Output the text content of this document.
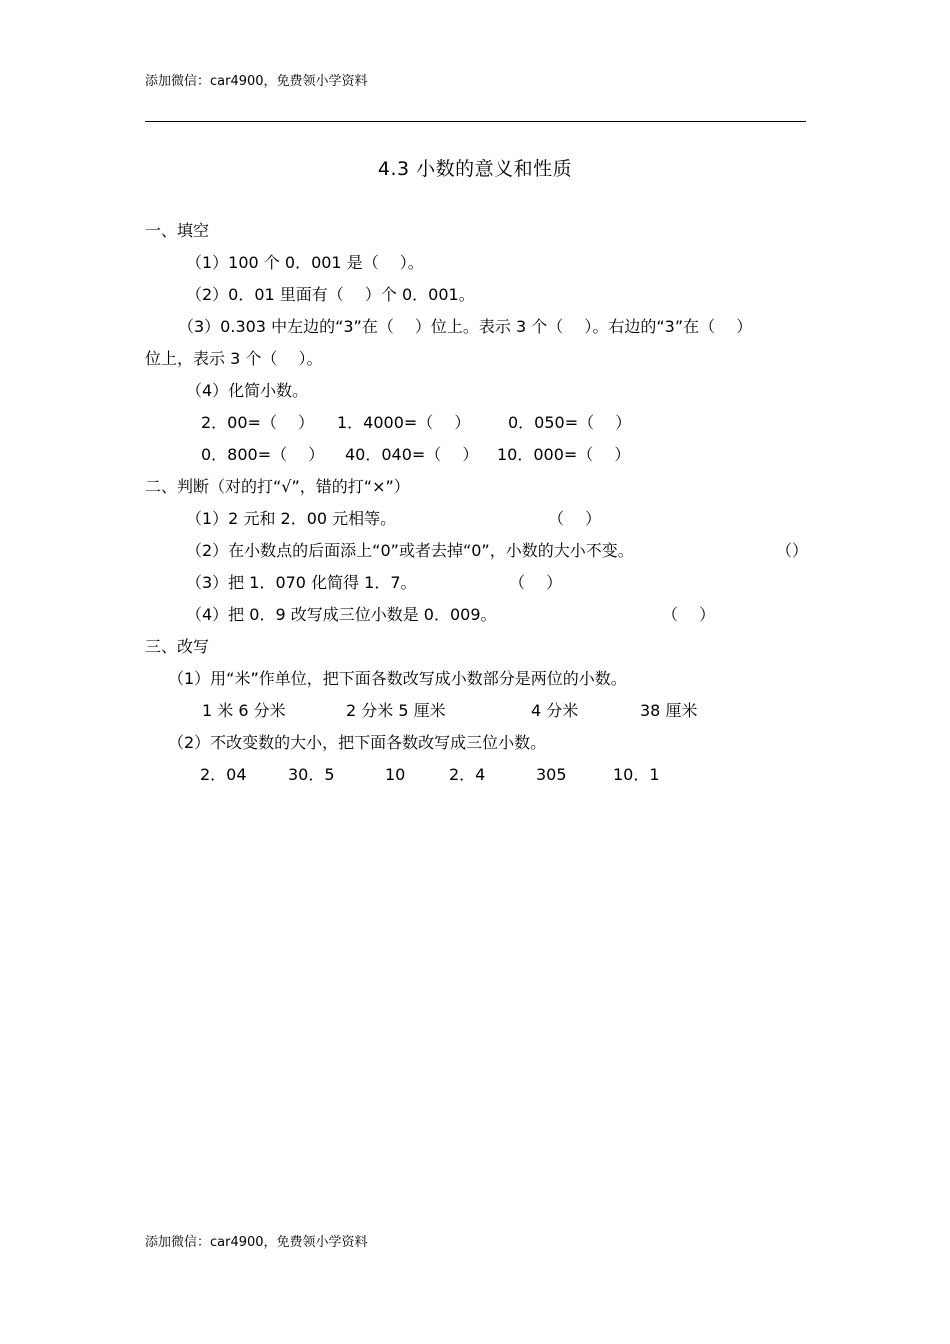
添加微信：car4900，免费领小学资料
4.3 小数的意义和性质
一、填空
（1）100 个 0．001 是（　 ）。
（2）0．01 里面有（　 ）个 0．001。
（3）0.303 中左边的“3”在（　 ）位上。表示 3 个（　 ）。右边的“3”在（　 ）
位上，表示 3 个（　 ）。
（4）化简小数。
2．00=（　 ） 1．4000=（　 ） 0．050=（　 ）
0．800=（　 ） 40．040=（　 ） 10．000=（　 ）
二、判断（对的打“√”，错的打“×”）
（1）2 元和 2．00 元相等。	（　 ）
（2）在小数点的后面添上“0”或者去掉“0”，小数的大小不变。	（）
（3）把 1．070 化简得 1．7。	（　 ）
（4）把 0．9 改写成三位小数是 0．009。	（　 ）
三、改写
（1）用“米”作单位，把下面各数改写成小数部分是两位的小数。
1 米 6 分米	2 分米 5 厘米	4 分米	38 厘米
（2）不改变数的大小，把下面各数改写成三位小数。
2．04	30．5	10	2．4	305	10．1
添加微信：car4900，免费领小学资料
